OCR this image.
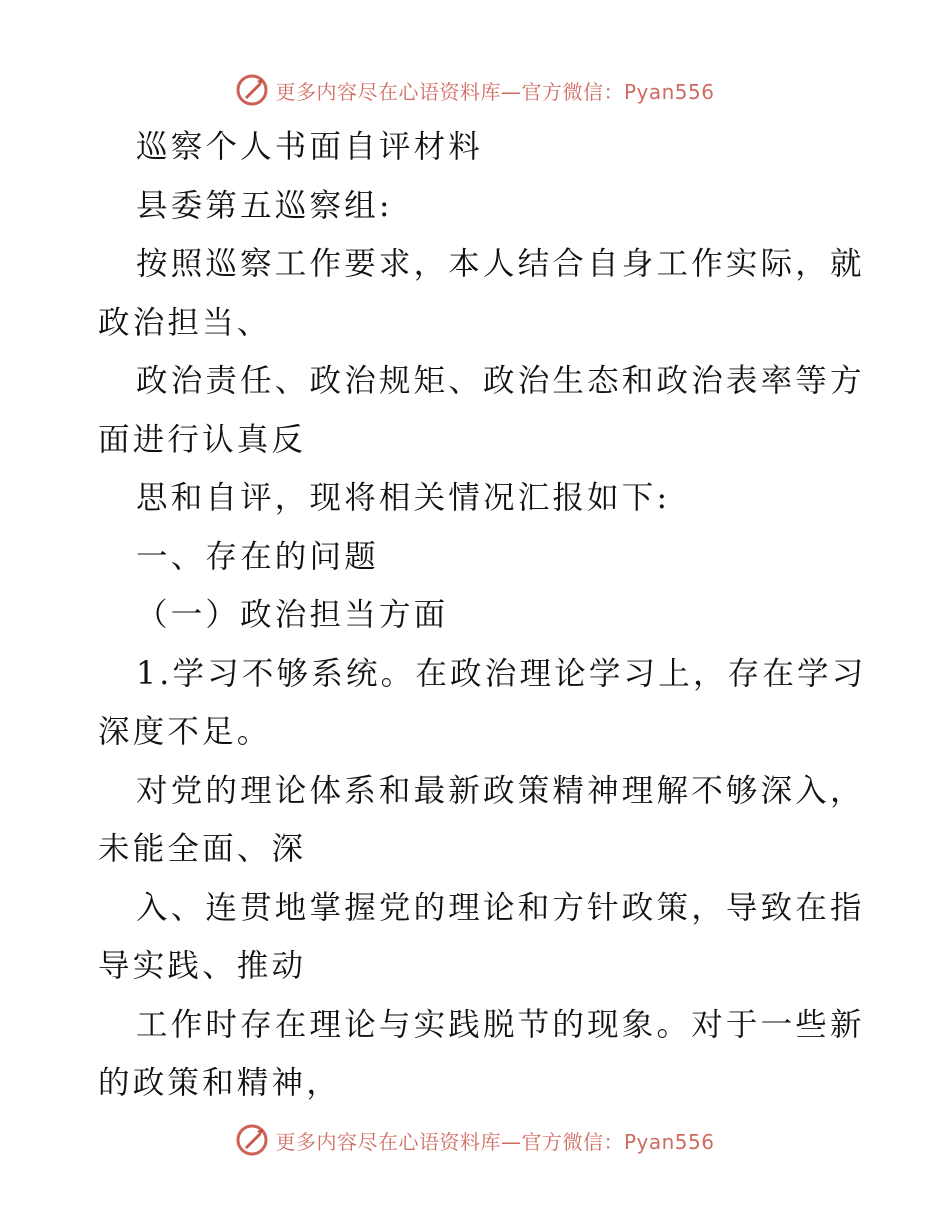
更多内容尽在心语资料库—官方微信：Pyan556
巡察个人书面自评材料
县委第五巡察组:
按照巡察工作要求，本人结合自身工作实际，就
政治担当、
政治责任、政治规矩、政治生态和政治表率等方
面进行认真反
思和自评，现将相关情况汇报如下:
一、存在的问题
（一）政治担当方面
1.学习不够系统。在政治理论学习上，存在学习
深度不足。
对党的理论体系和最新政策精神理解不够深入，
未能全面、深
入、连贯地掌握党的理论和方针政策，导致在指
导实践、推动
工作时存在理论与实践脱节的现象。对于一些新
的政策和精神，
更多内容尽在心语资料库—官方微信：Pyan556
